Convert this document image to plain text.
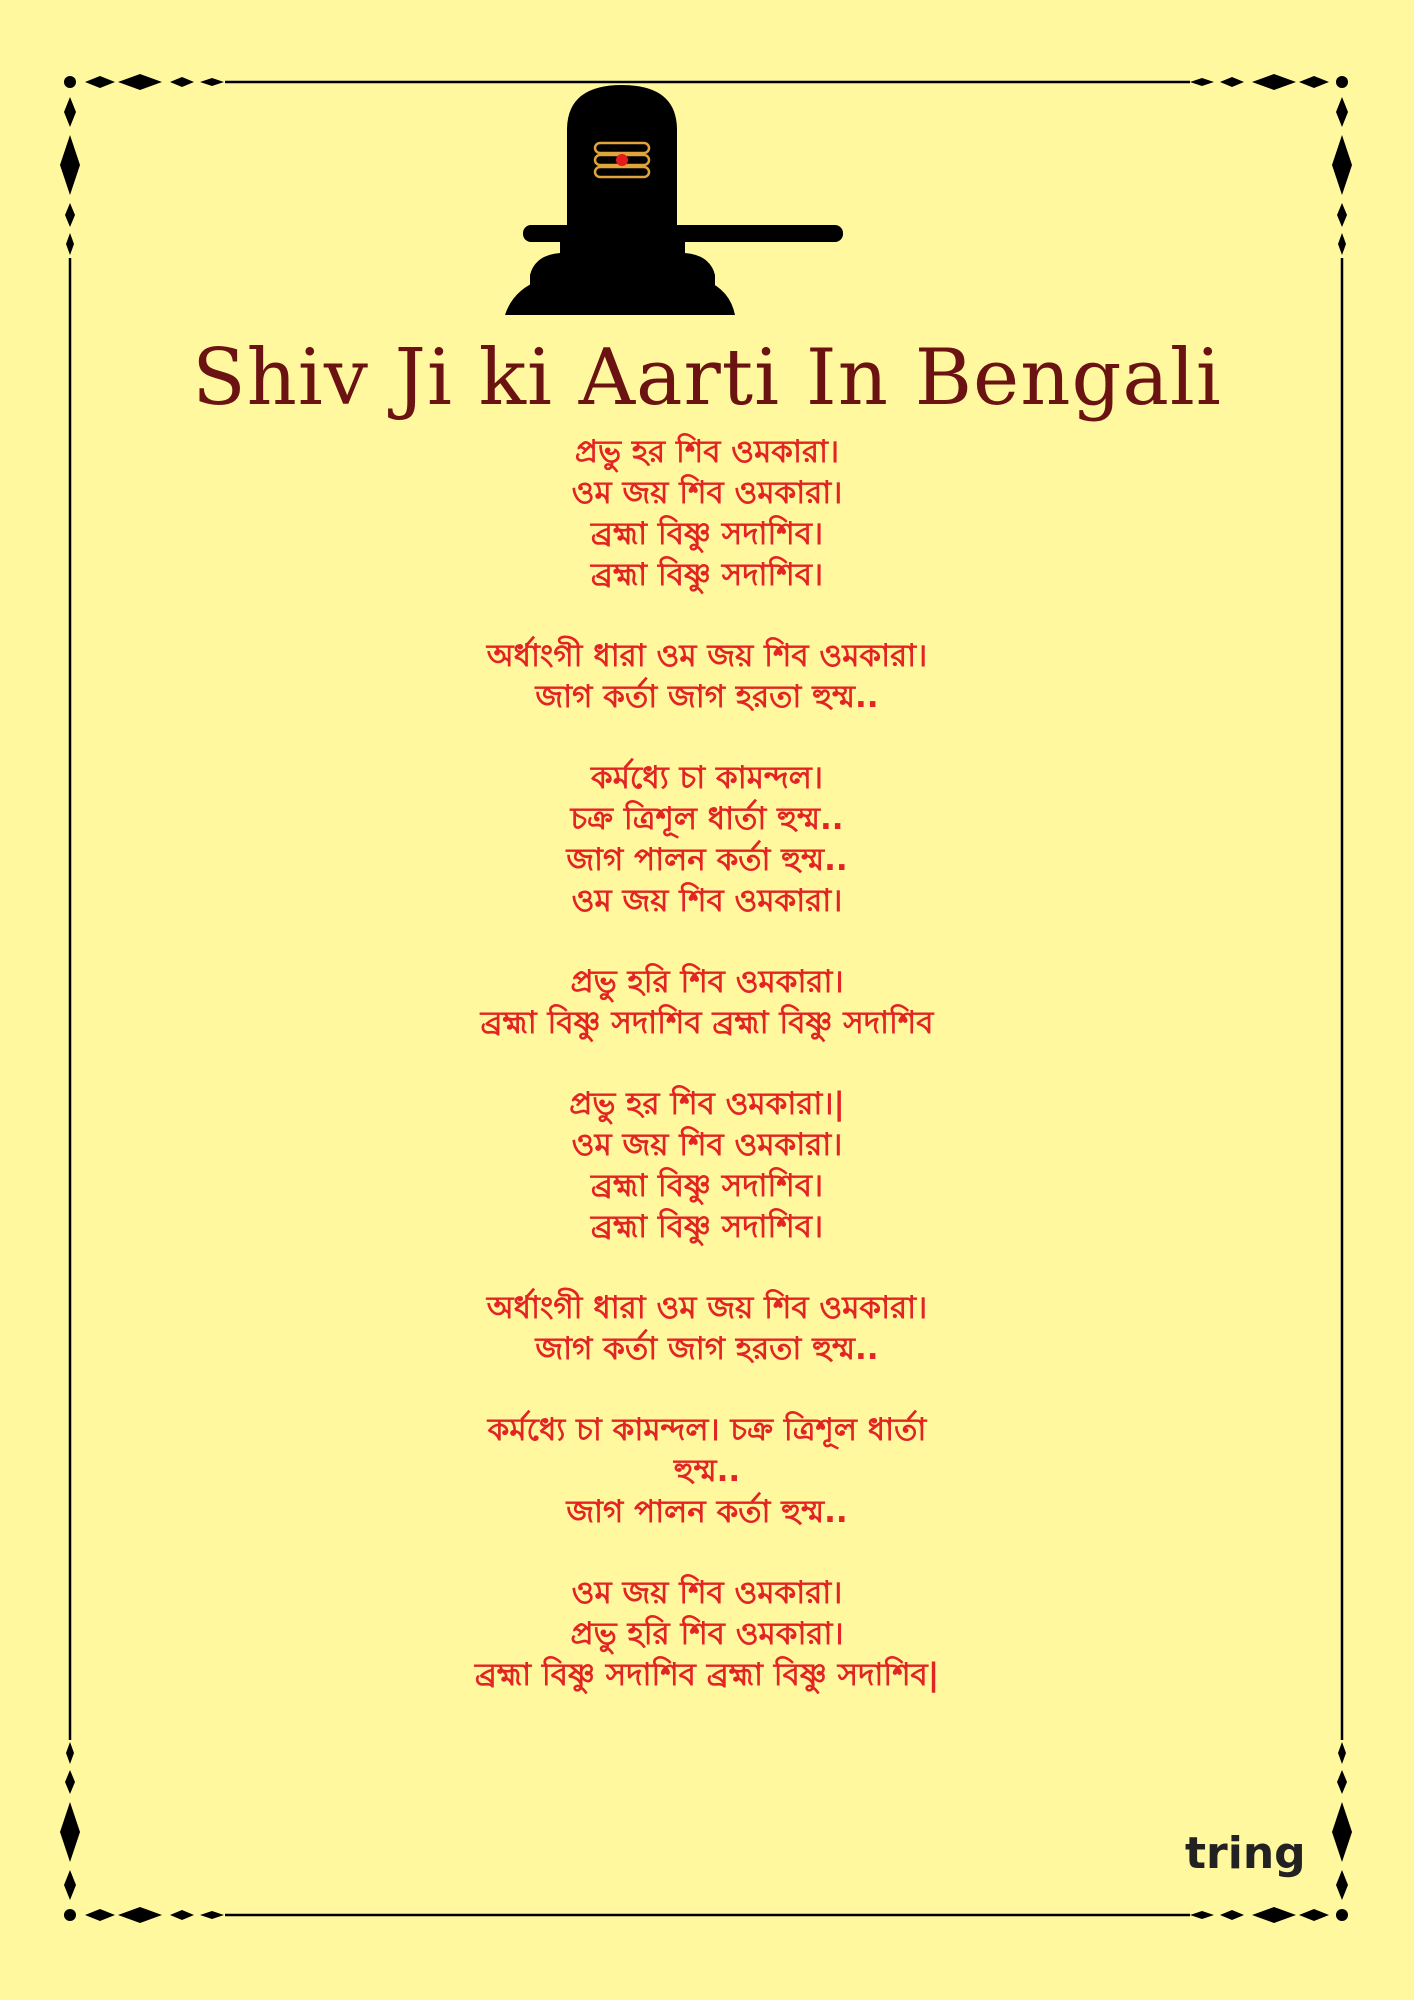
Shiv Ji ki Aarti In Bengali
প্রভু হর শিব ওমকারা।
ওম জয় শিব ওমকারা।
ব্রহ্মা বিষ্ণু সদাশিব।
ব্রহ্মা বিষ্ণু সদাশিব।
অর্ধাংগী ধারা ওম জয় শিব ওমকারা।
জাগ কর্তা জাগ হরতা হুম্ম..
কর্মধ্যে চা কামন্দল।
চক্র ত্রিশূল ধার্তা হুম্ম..
জাগ পালন কর্তা হুম্ম..
ওম জয় শিব ওমকারা।
প্রভু হরি শিব ওমকারা।
ব্রহ্মা বিষ্ণু সদাশিব ব্রহ্মা বিষ্ণু সদাশিব
প্রভু হর শিব ওমকারা।|
ওম জয় শিব ওমকারা।
ব্রহ্মা বিষ্ণু সদাশিব।
ব্রহ্মা বিষ্ণু সদাশিব।
অর্ধাংগী ধারা ওম জয় শিব ওমকারা।
জাগ কর্তা জাগ হরতা হুম্ম..
কর্মধ্যে চা কামন্দল। চক্র ত্রিশূল ধার্তা
হুম্ম..
জাগ পালন কর্তা হুম্ম..
ওম জয় শিব ওমকারা।
প্রভু হরি শিব ওমকারা।
ব্রহ্মা বিষ্ণু সদাশিব ব্রহ্মা বিষ্ণু সদাশিব|
tring
